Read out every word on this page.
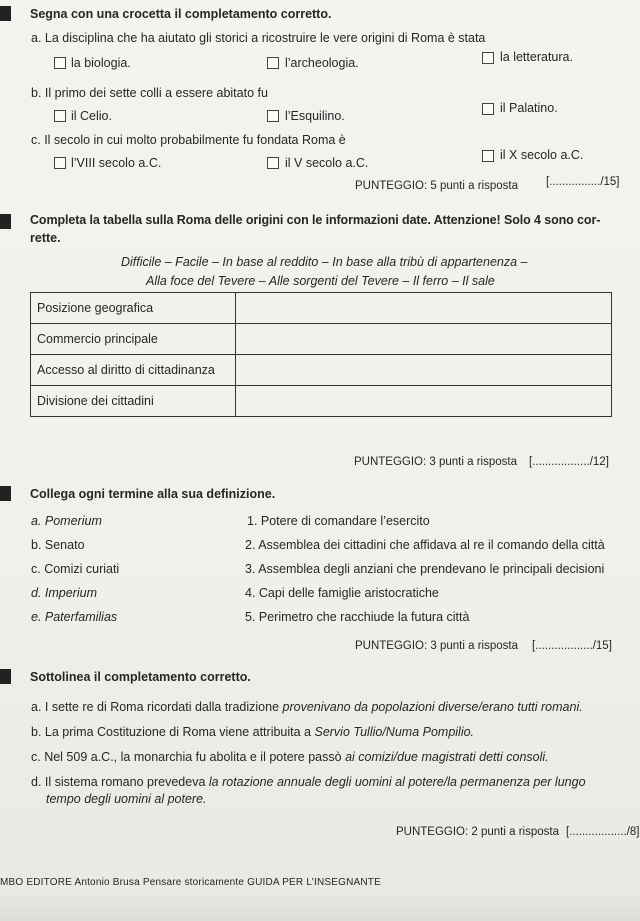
Segna con una crocetta il completamento corretto.
a. La disciplina che ha aiutato gli storici a ricostruire le vere origini di Roma è stata
la biologia.	l’archeologia.	la letteratura.
b. Il primo dei sette colli a essere abitato fu
il Celio.	l’Esquilino.
il Palatino.
c. Il secolo in cui molto probabilmente fu fondata Roma è
l’VIII secolo a.C.	il V secolo a.C.
il X secolo a.C.
PUNTEGGIO: 5 punti a risposta [................/15]
Completa la tabella sulla Roma delle origini con le informazioni date. Attenzione! Solo 4 sono cor-
rette.
Difficile – Facile – In base al reddito – In base alla tribù di appartenenza –
Alla foce del Tevere – Alle sorgenti del Tevere – Il ferro – Il sale
Posizione geografica	
Commercio principale	
Accesso al diritto di cittadinanza	
Divisione dei cittadini	
PUNTEGGIO: 3 punti a risposta [................../12]
Collega ogni termine alla sua definizione.
a. Pomerium
b. Senato
c. Comizi curiati
d. Imperium
e. Paterfamilias
1. Potere di comandare l’esercito
2. Assemblea dei cittadini che affidava al re il comando della città
3. Assemblea degli anziani che prendevano le principali decisioni
4. Capi delle famiglie aristocratiche
5. Perimetro che racchiude la futura città
PUNTEGGIO: 3 punti a risposta [................../15]
Sottolinea il completamento corretto.
a. I sette re di Roma ricordati dalla tradizione provenivano da popolazioni diverse/erano tutti romani.
b. La prima Costituzione di Roma viene attribuita a Servio Tullio/Numa Pompilio.
c. Nel 509 a.C., la monarchia fu abolita e il potere passò ai comizi/due magistrati detti consoli.
d. Il sistema romano prevedeva la rotazione annuale degli uomini al potere/la permanenza per lungo
tempo degli uomini al potere.
PUNTEGGIO: 2 punti a risposta [................../8]
MBO EDITORE Antonio Brusa Pensare storicamente GUIDA PER L’INSEGNANTE
